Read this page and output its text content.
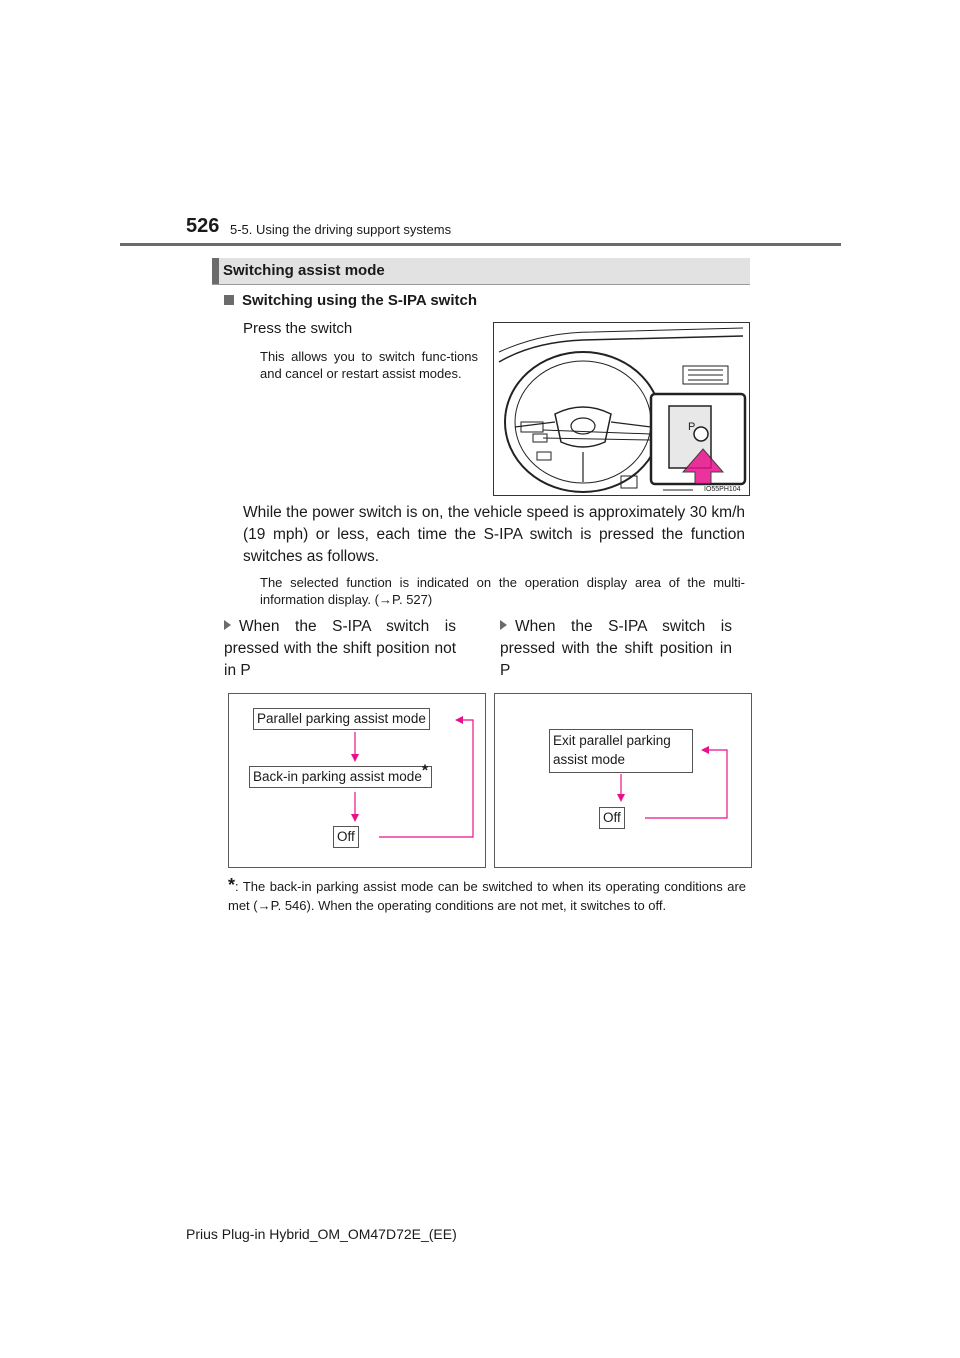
526 5-5. Using the driving support systems
Switching assist mode
Switching using the S-IPA switch
Press the switch
This allows you to switch func-tions and cancel or restart assist modes.
P
IO55PH104
While the power switch is on, the vehicle speed is approximately 30 km/h (19 mph) or less, each time the S-IPA switch is pressed the function switches as follows.
The selected function is indicated on the operation display area of the multi-information display. (→P. 527)
When the S-IPA switch is pressed with the shift position not in P
When the S-IPA switch is pressed with the shift position in P
Parallel parking assist mode
Back-in parking assist mode*
Off
Exit parallel parking assist mode
Off
*: The back-in parking assist mode can be switched to when its operating conditions are met (→P. 546). When the operating conditions are not met, it switches to off.
Prius Plug-in Hybrid_OM_OM47D72E_(EE)
